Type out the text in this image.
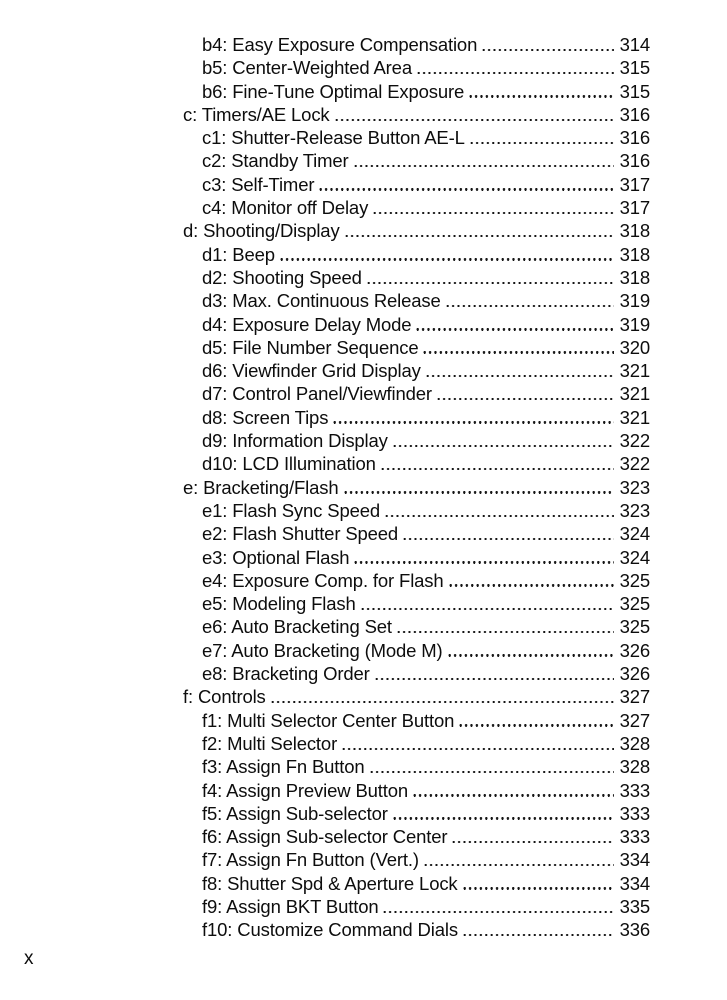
b4: Easy Exposure Compensation	314
b5: Center-Weighted Area	315
b6: Fine-Tune Optimal Exposure	315
c: Timers/AE Lock	316
c1: Shutter-Release Button AE-L	316
c2: Standby Timer	316
c3: Self-Timer	317
c4: Monitor off Delay	317
d: Shooting/Display	318
d1: Beep	318
d2: Shooting Speed	318
d3: Max. Continuous Release	319
d4: Exposure Delay Mode	319
d5: File Number Sequence	320
d6: Viewfinder Grid Display	321
d7: Control Panel/Viewfinder	321
d8: Screen Tips	321
d9: Information Display	322
d10: LCD Illumination	322
e: Bracketing/Flash	323
e1: Flash Sync Speed	323
e2: Flash Shutter Speed	324
e3: Optional Flash	324
e4: Exposure Comp. for Flash	325
e5: Modeling Flash	325
e6: Auto Bracketing Set	325
e7: Auto Bracketing (Mode M)	326
e8: Bracketing Order	326
f: Controls	327
f1: Multi Selector Center Button	327
f2: Multi Selector	328
f3: Assign Fn Button	328
f4: Assign Preview Button	333
f5: Assign Sub-selector	333
f6: Assign Sub-selector Center	333
f7: Assign Fn Button (Vert.)	334
f8: Shutter Spd & Aperture Lock	334
f9: Assign BKT Button	335
f10: Customize Command Dials	336
x
